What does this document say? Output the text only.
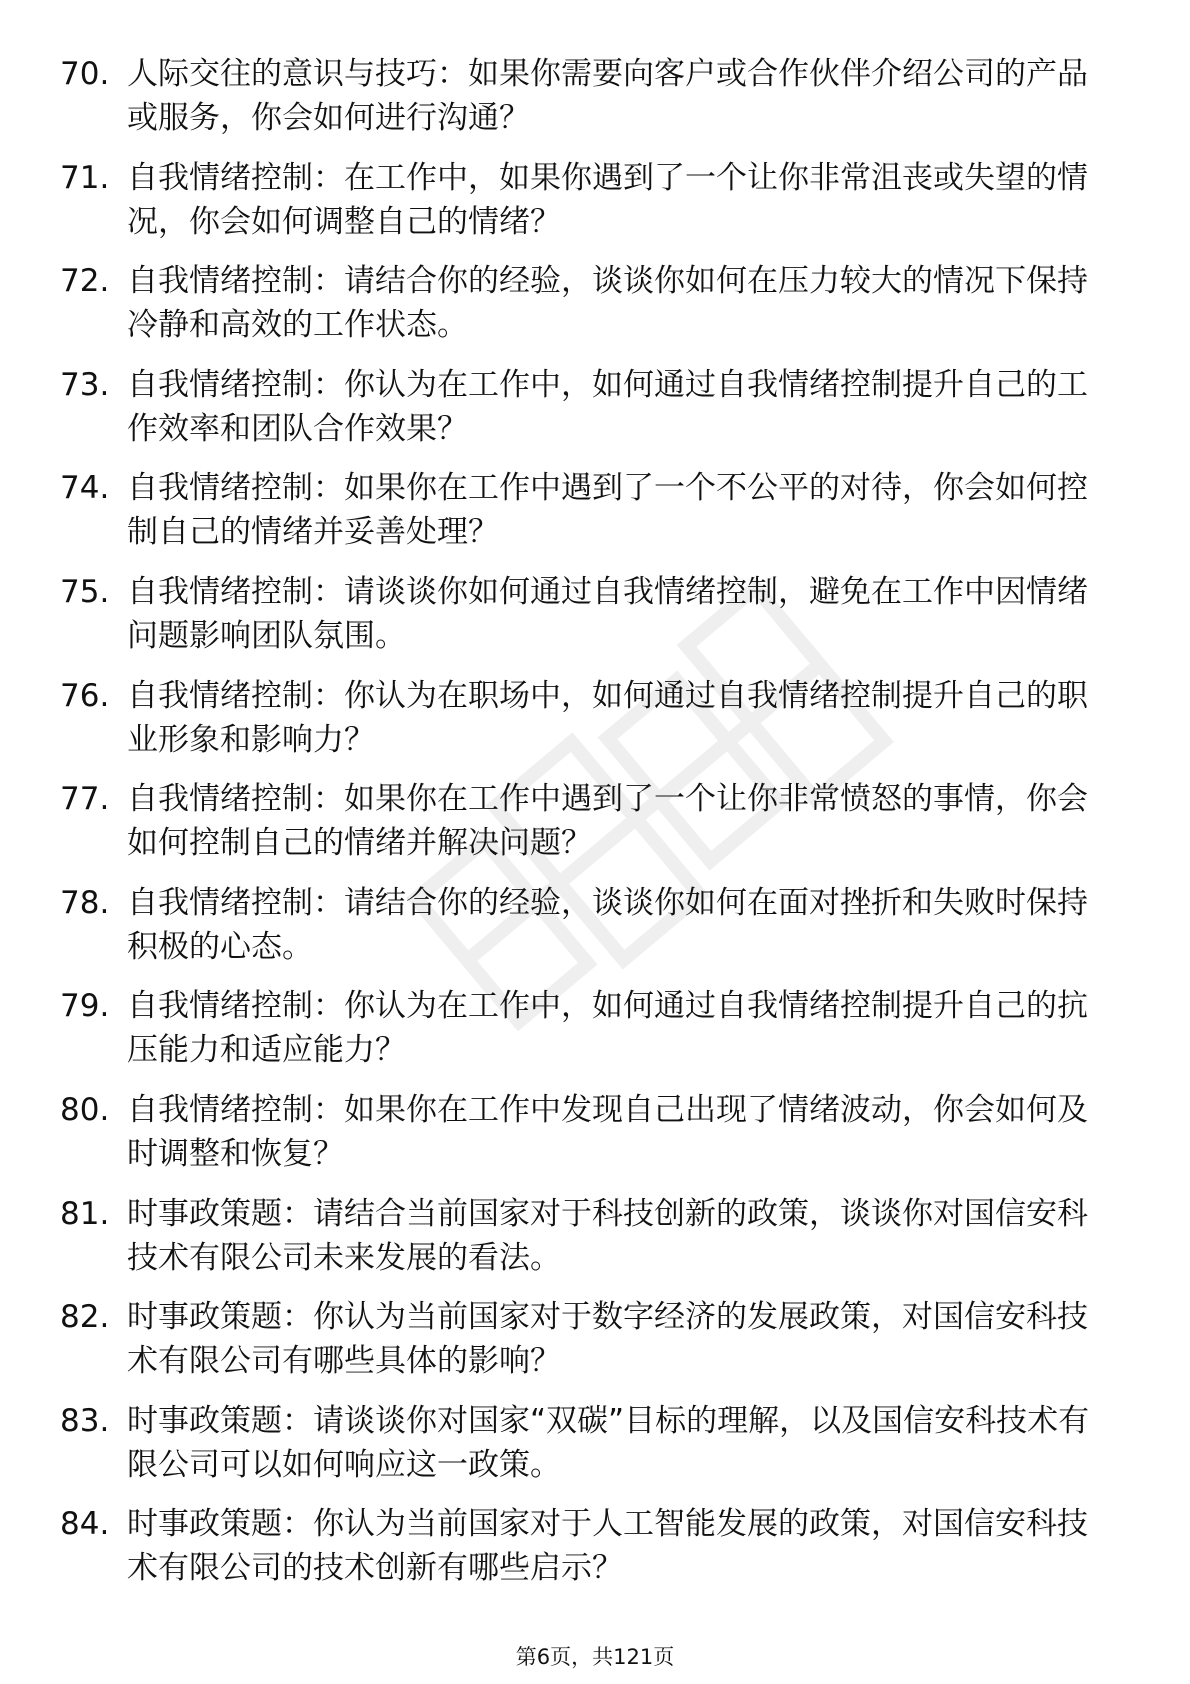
70. 人际交往的意识与技巧：如果你需要向客户或合作伙伴介绍公司的产品或服务，你会如何进行沟通？
71. 自我情绪控制：在工作中，如果你遇到了一个让你非常沮丧或失望的情况，你会如何调整自己的情绪？
72. 自我情绪控制：请结合你的经验，谈谈你如何在压力较大的情况下保持冷静和高效的工作状态。
73. 自我情绪控制：你认为在工作中，如何通过自我情绪控制提升自己的工作效率和团队合作效果？
74. 自我情绪控制：如果你在工作中遇到了一个不公平的对待，你会如何控制自己的情绪并妥善处理？
75. 自我情绪控制：请谈谈你如何通过自我情绪控制，避免在工作中因情绪问题影响团队氛围。
76. 自我情绪控制：你认为在职场中，如何通过自我情绪控制提升自己的职业形象和影响力？
77. 自我情绪控制：如果你在工作中遇到了一个让你非常愤怒的事情，你会如何控制自己的情绪并解决问题？
78. 自我情绪控制：请结合你的经验，谈谈你如何在面对挫折和失败时保持积极的心态。
79. 自我情绪控制：你认为在工作中，如何通过自我情绪控制提升自己的抗压能力和适应能力？
80. 自我情绪控制：如果你在工作中发现自己出现了情绪波动，你会如何及时调整和恢复？
81. 时事政策题：请结合当前国家对于科技创新的政策，谈谈你对国信安科技术有限公司未来发展的看法。
82. 时事政策题：你认为当前国家对于数字经济的发展政策，对国信安科技术有限公司有哪些具体的影响？
83. 时事政策题：请谈谈你对国家“双碳”目标的理解，以及国信安科技术有限公司可以如何响应这一政策。
84. 时事政策题：你认为当前国家对于人工智能发展的政策，对国信安科技术有限公司的技术创新有哪些启示？
第6页，共121页
